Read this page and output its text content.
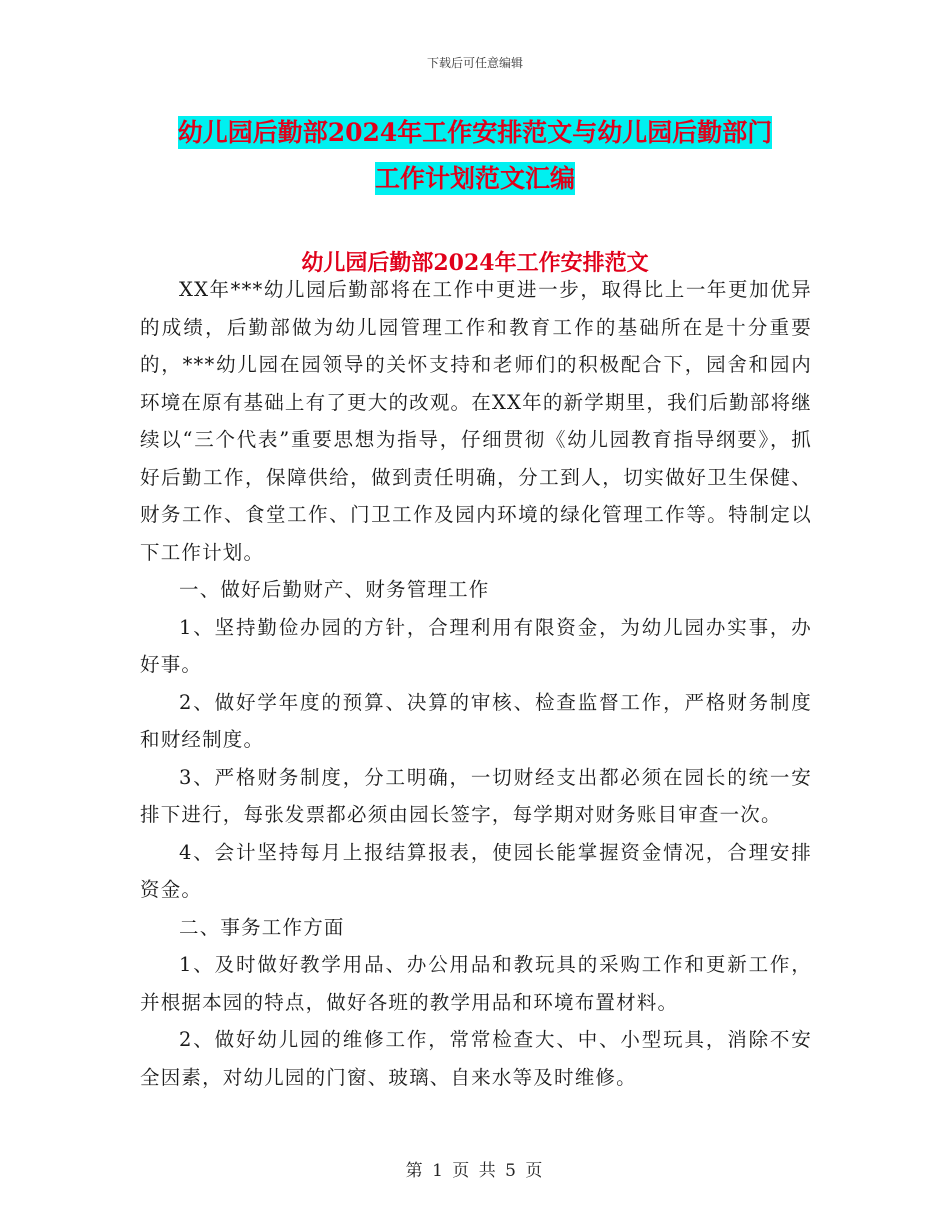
下载后可任意编辑
幼儿园后勤部2024年工作安排范文与幼儿园后勤部门
工作计划范文汇编
幼儿园后勤部2024年工作安排范文

XX年***幼儿园后勤部将在工作中更进一步，取得比上一年更加优异的成绩，后勤部做为幼儿园管理工作和教育工作的基础所在是十分重要的，***幼儿园在园领导的关怀支持和老师们的积极配合下，园舍和园内环境在原有基础上有了更大的改观。在XX年的新学期里，我们后勤部将继续以“三个代表”重要思想为指导，仔细贯彻《幼儿园教育指导纲要》，抓好后勤工作，保障供给，做到责任明确，分工到人，切实做好卫生保健、财务工作、食堂工作、门卫工作及园内环境的绿化管理工作等。特制定以下工作计划。

一、做好后勤财产、财务管理工作

1、坚持勤俭办园的方针，合理利用有限资金，为幼儿园办实事，办好事。

2、做好学年度的预算、决算的审核、检查监督工作，严格财务制度和财经制度。

3、严格财务制度，分工明确，一切财经支出都必须在园长的统一安排下进行，每张发票都必须由园长签字，每学期对财务账目审查一次。

4、会计坚持每月上报结算报表，使园长能掌握资金情况，合理安排资金。

二、事务工作方面

1、及时做好教学用品、办公用品和教玩具的采购工作和更新工作，并根据本园的特点，做好各班的教学用品和环境布置材料。

2、做好幼儿园的维修工作，常常检查大、中、小型玩具，消除不安全因素，对幼儿园的门窗、玻璃、自来水等及时维修。

第 1 页 共 5 页
